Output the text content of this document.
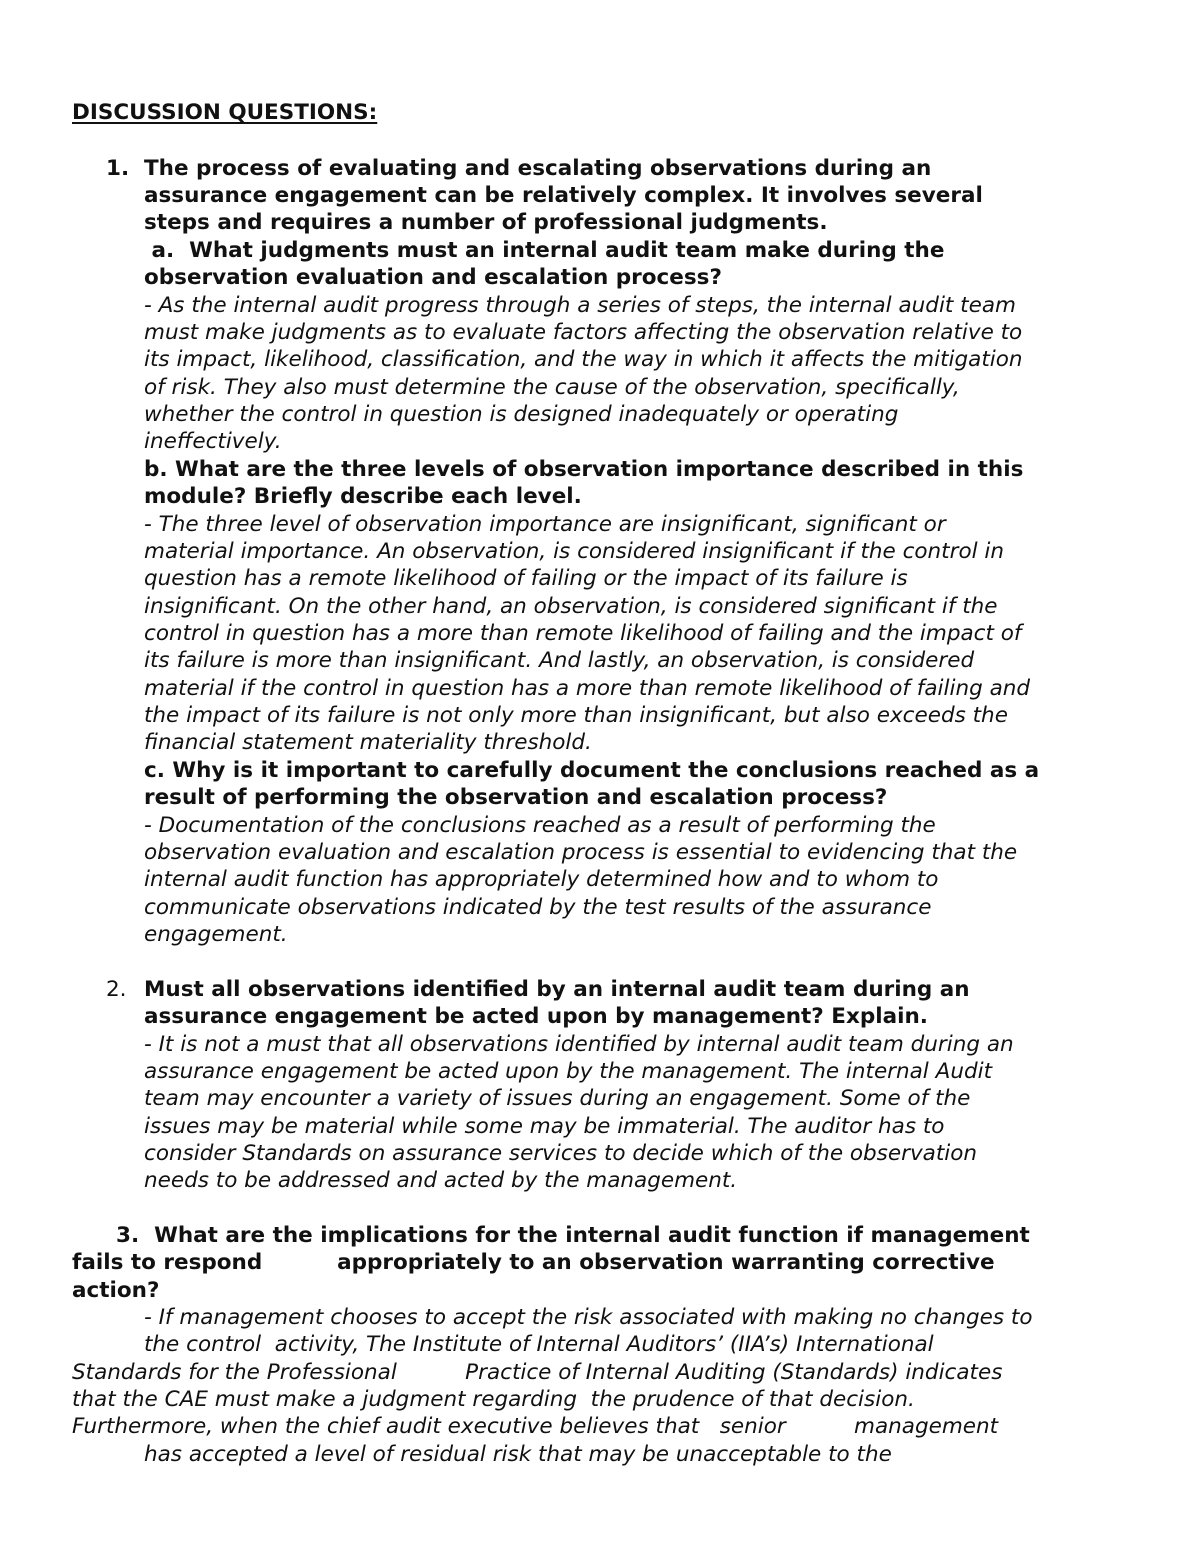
DISCUSSION QUESTIONS:
1. The process of evaluating and escalating observations during an
assurance engagement can be relatively complex. It involves several
steps and requires a number of professional judgments.
a.  What judgments must an internal audit team make during the
observation evaluation and escalation process?
- As the internal audit progress through a series of steps, the internal audit team
must make judgments as to evaluate factors affecting the observation relative to
its impact, likelihood, classification, and the way in which it affects the mitigation
of risk. They also must determine the cause of the observation, specifically,
whether the control in question is designed inadequately or operating
ineffectively.
b. What are the three levels of observation importance described in this
module? Briefly describe each level.
- The three level of observation importance are insignificant, significant or
material importance. An observation, is considered insignificant if the control in
question has a remote likelihood of failing or the impact of its failure is
insignificant. On the other hand, an observation, is considered significant if the
control in question has a more than remote likelihood of failing and the impact of
its failure is more than insignificant. And lastly, an observation, is considered
material if the control in question has a more than remote likelihood of failing and
the impact of its failure is not only more than insignificant, but also exceeds the
financial statement materiality threshold.
c. Why is it important to carefully document the conclusions reached as a
result of performing the observation and escalation process?
- Documentation of the conclusions reached as a result of performing the
observation evaluation and escalation process is essential to evidencing that the
internal audit function has appropriately determined how and to whom to
communicate observations indicated by the test results of the assurance
engagement.
2. Must all observations identified by an internal audit team during an
assurance engagement be acted upon by management? Explain.
- It is not a must that all observations identified by internal audit team during an
assurance engagement be acted upon by the management. The internal Audit
team may encounter a variety of issues during an engagement. Some of the
issues may be material while some may be immaterial. The auditor has to
consider Standards on assurance services to decide which of the observation
needs to be addressed and acted by the management.
3.  What are the implications for the internal audit function if management
fails to respond          appropriately to an observation warranting corrective
action?
- If management chooses to accept the risk associated with making no changes to
the control  activity, The Institute of Internal Auditors’ (IIA’s) International
Standards for the Professional          Practice of Internal Auditing (Standards) indicates
that the CAE must make a judgment regarding  the prudence of that decision.
Furthermore, when the chief audit executive believes that   senior          management
has accepted a level of residual risk that may be unacceptable to the
